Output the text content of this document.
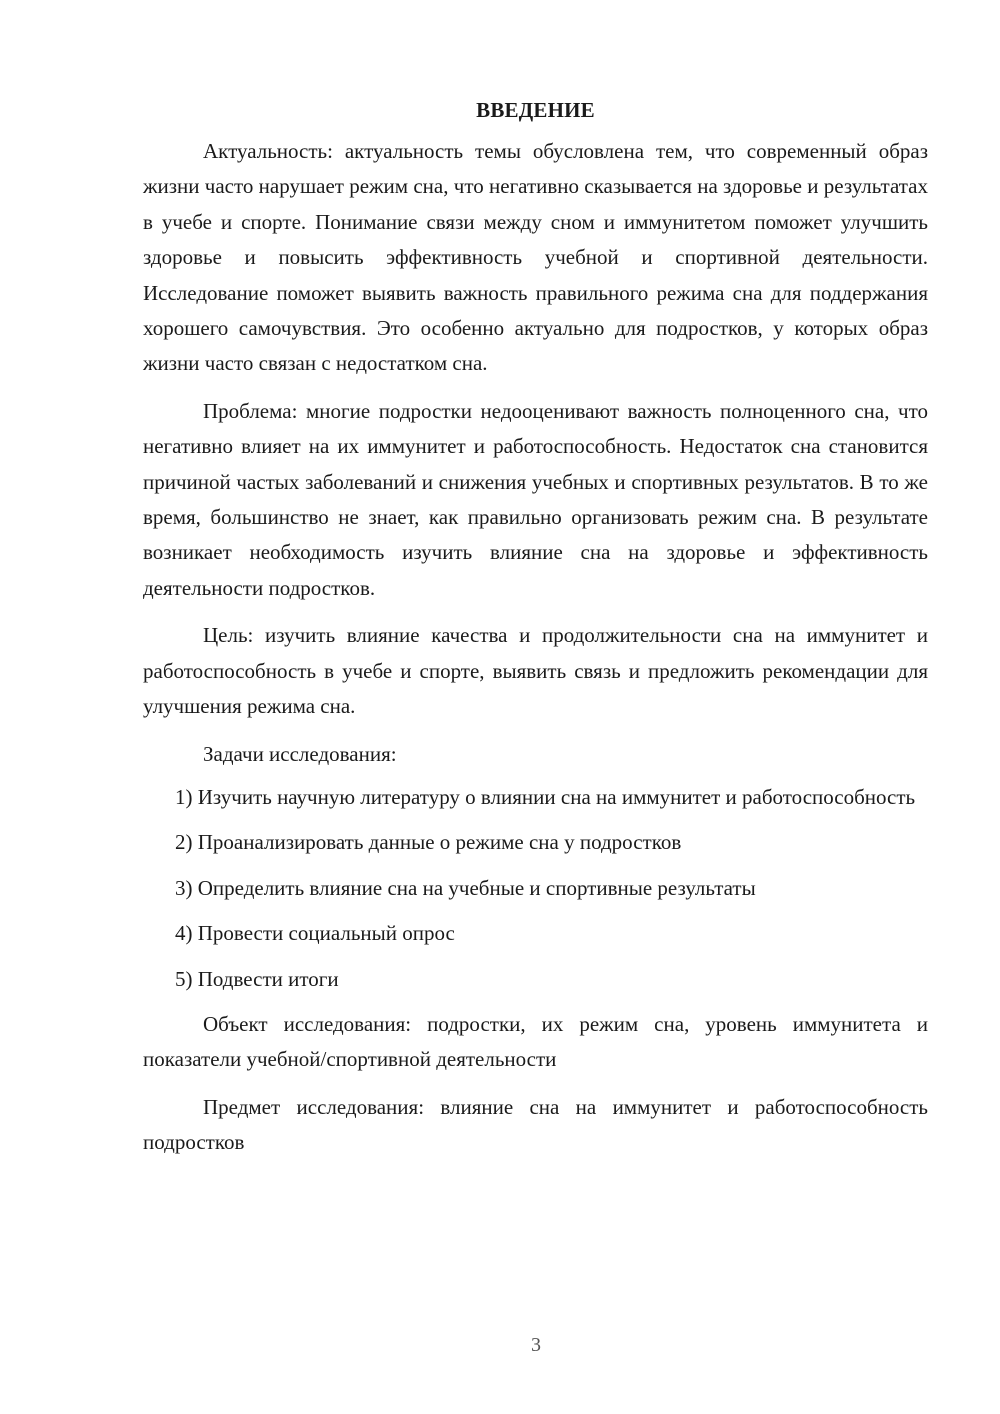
ВВЕДЕНИЕ

Актуальность: актуальность темы обусловлена тем, что современный образ жизни часто нарушает режим сна, что негативно сказывается на здоровье и результатах в учебе и спорте. Понимание связи между сном и иммунитетом поможет улучшить здоровье и повысить эффективность учебной и спортивной деятельности. Исследование поможет выявить важность правильного режима сна для поддержания хорошего самочувствия. Это особенно актуально для подростков, у которых образ жизни часто связан с недостатком сна.

Проблема: многие подростки недооценивают важность полноценного сна, что негативно влияет на их иммунитет и работоспособность. Недостаток сна становится причиной частых заболеваний и снижения учебных и спортивных результатов. В то же время, большинство не знает, как правильно организовать режим сна. В результате возникает необходимость изучить влияние сна на здоровье и эффективность деятельности подростков.

Цель: изучить влияние качества и продолжительности сна на иммунитет и работоспособность в учебе и спорте, выявить связь и предложить рекомендации для улучшения режима сна.

Задачи исследования:

1) Изучить научную литературу о влиянии сна на иммунитет и работоспособность

2) Проанализировать данные о режиме сна у подростков

3) Определить влияние сна на учебные и спортивные результаты

4) Провести социальный опрос

5) Подвести итоги

Объект исследования: подростки, их режим сна, уровень иммунитета и показатели учебной/спортивной деятельности

Предмет исследования: влияние сна на иммунитет и работоспособность подростков

3
